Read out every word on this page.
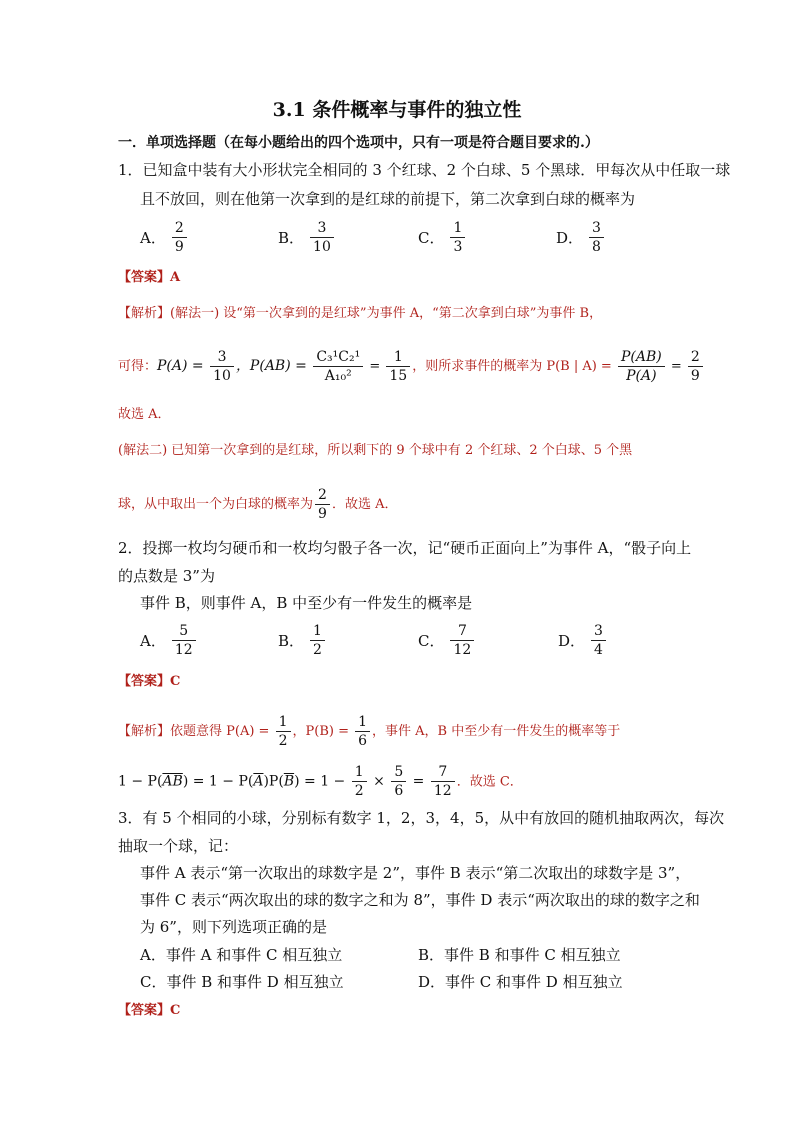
3.1 条件概率与事件的独立性
一．单项选择题（在每小题给出的四个选项中，只有一项是符合题目要求的.）
1．已知盒中装有大小形状完全相同的 3 个红球、2 个白球、5 个黑球．甲每次从中任取一球
且不放回，则在他第一次拿到的是红球的前提下，第二次拿到白球的概率为
A． $\frac{2}{9}$	B． $\frac{3}{10}$	C． $\frac{1}{3}$	D． $\frac{3}{8}$
【答案】A
【解析】(解法一) 设“第一次拿到的是红球”为事件 A，“第二次拿到白球”为事件 B，
可得：$P(A) = \frac{3}{10}$ ，$P(AB) = \frac{\text{C₃¹C₂¹}}{\text{A₁₀²}} = \frac{1}{15}$ ，则所求事件的概率为 P(B | $A) = \frac{P(AB)}{P(A)} = \frac{2}{9}$
故选 A．
(解法二) 已知第一次拿到的是红球，所以剩下的 9 个球中有 2 个红球、2 个白球、5 个黑
球，从中取出一个为白球的概率为 $\frac{2}{9}$ ．故选 A．
2．投掷一枚均匀硬币和一枚均匀骰子各一次，记“硬币正面向上”为事件 A，“骰子向上
的点数是 3”为
事件 B，则事件 A，B 中至少有一件发生的概率是
A． $\frac{5}{12}$	B． $\frac{1}{2}$	C． $\frac{7}{12}$	D． $\frac{3}{4}$
【答案】C
【解析】依题意得 $P(A) = \frac{1}{2}$ ，$P(B) = \frac{1}{6}$ ，事件 A，B 中至少有一件发生的概率等于
$1 - P(\overline{AB}) = 1 - P(\overline{A})P(\overline{B}) = 1 - \frac{1}{2} \times \frac{5}{6} = \frac{7}{12}$ ．故选 C．
3．有 5 个相同的小球，分别标有数字 1，2，3，4，5，从中有放回的随机抽取两次，每次
抽取一个球，记：
事件 A 表示“第一次取出的球数字是 2”，事件 B 表示“第二次取出的球数字是 3”，
事件 C 表示“两次取出的球的数字之和为 8”，事件 D 表示“两次取出的球的数字之和
为 6”，则下列选项正确的是
A．事件 A 和事件 C 相互独立	B．事件 B 和事件 C 相互独立
C．事件 B 和事件 D 相互独立	D．事件 C 和事件 D 相互独立
【答案】C
